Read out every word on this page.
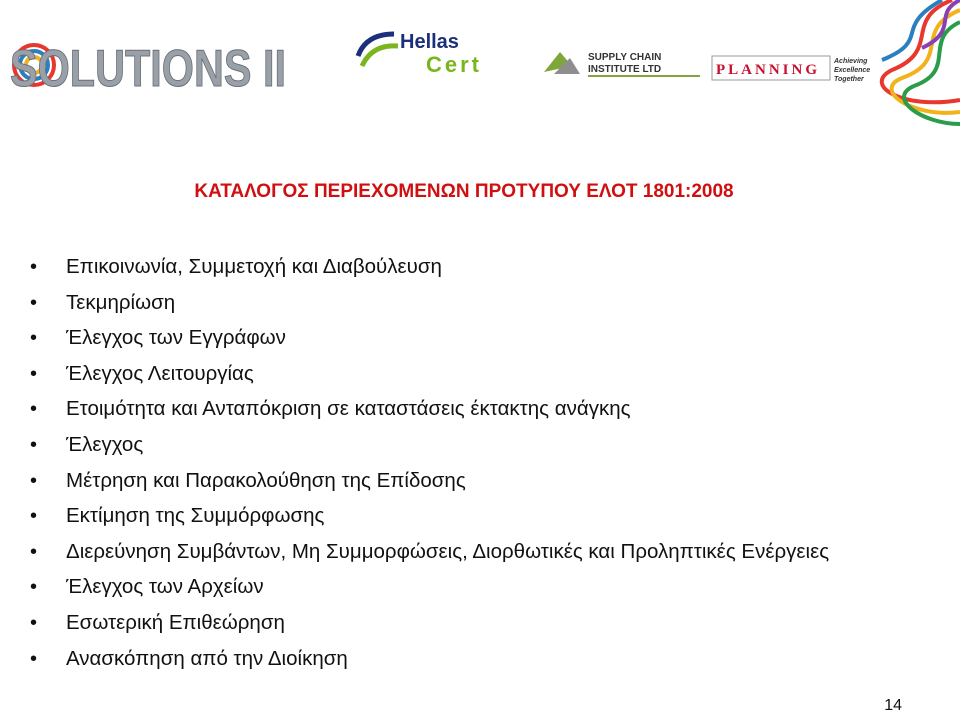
SOLUTIONS II	Hellas
Cert	SUPPLY CHAIN
INSTITUTE LTD	PLANNING
Achieving
Excellence
Together
ΚΑΤΑΛΟΓΟΣ ΠΕΡΙΕΧΟΜΕΝΩΝ ΠΡΟΤΥΠΟΥ ΕΛΟΤ 1801:2008
• Επικοινωνία, Συμμετοχή και Διαβούλευση
• Τεκμηρίωση
• Έλεγχος των Εγγράφων
• Έλεγχος Λειτουργίας
• Ετοιμότητα και Ανταπόκριση σε καταστάσεις έκτακτης ανάγκης
• Έλεγχος
• Μέτρηση και Παρακολούθηση της Επίδοσης
• Εκτίμηση της Συμμόρφωσης
• Διερεύνηση Συμβάντων, Μη Συμμορφώσεις, Διορθωτικές και Προληπτικές Ενέργειες
• Έλεγχος των Αρχείων
• Εσωτερική Επιθεώρηση
• Ανασκόπηση από την Διοίκηση
14
